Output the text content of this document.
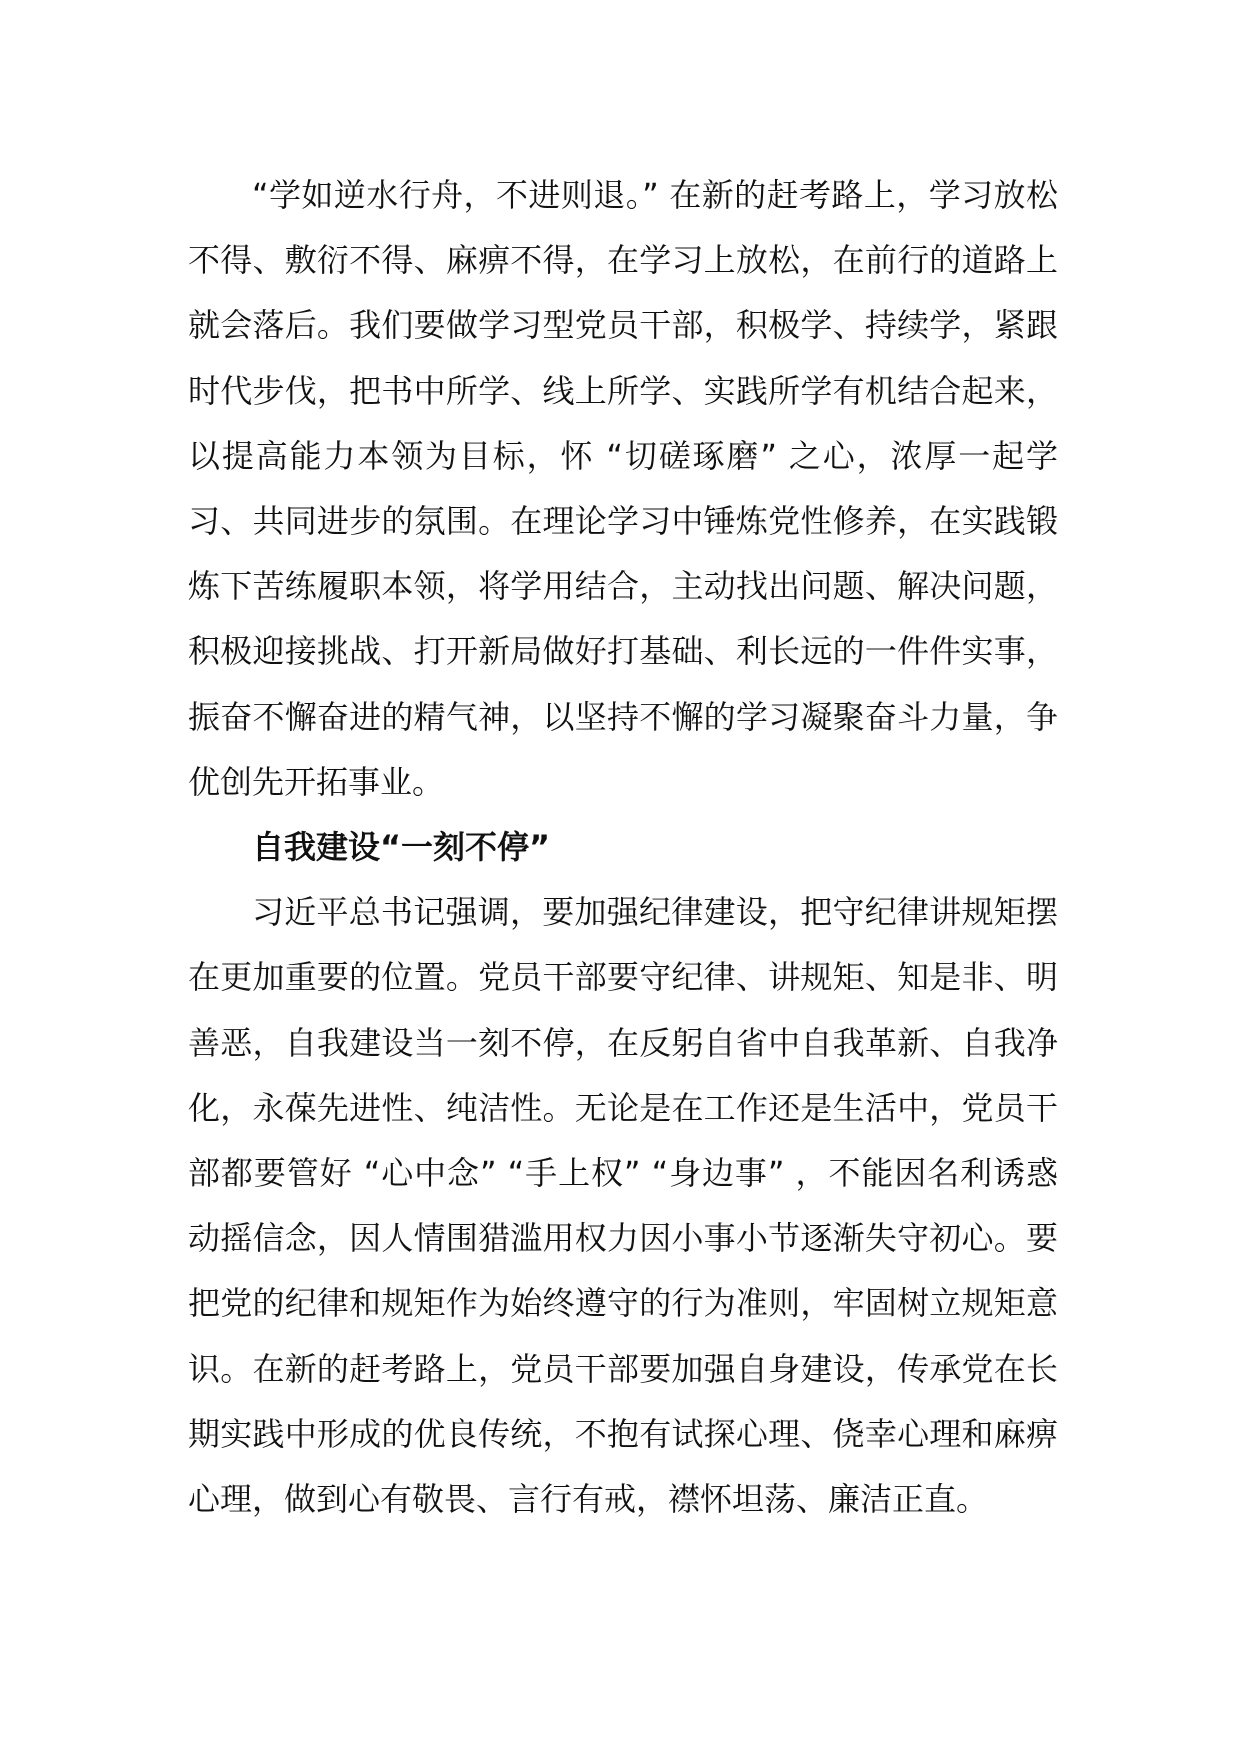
“学如逆水行舟，不进则退。” 在新的赶考路上，学习放松不得、敷衍不得、麻痹不得，在学习上放松，在前行的道路上就会落后。我们要做学习型党员干部，积极学、持续学，紧跟时代步伐，把书中所学、线上所学、实践所学有机结合起来，以提高能力本领为目标，怀 “切磋琢磨” 之心，浓厚一起学习、共同进步的氛围。在理论学习中锤炼党性修养，在实践锻炼下苦练履职本领，将学用结合，主动找出问题、解决问题，积极迎接挑战、打开新局做好打基础、利长远的一件件实事，振奋不懈奋进的精气神，以坚持不懈的学习凝聚奋斗力量，争优创先开拓事业。

自我建设“一刻不停”

习近平总书记强调，要加强纪律建设，把守纪律讲规矩摆在更加重要的位置。党员干部要守纪律、讲规矩、知是非、明善恶，自我建设当一刻不停，在反躬自省中自我革新、自我净化，永葆先进性、纯洁性。无论是在工作还是生活中，党员干部都要管好 “心中念” “手上权” “身边事” ，不能因名利诱惑动摇信念，因人情围猎滥用权力因小事小节逐渐失守初心。要把党的纪律和规矩作为始终遵守的行为准则，牢固树立规矩意识。在新的赶考路上，党员干部要加强自身建设，传承党在长期实践中形成的优良传统，不抱有试探心理、侥幸心理和麻痹心理，做到心有敬畏、言行有戒，襟怀坦荡、廉洁正直。
